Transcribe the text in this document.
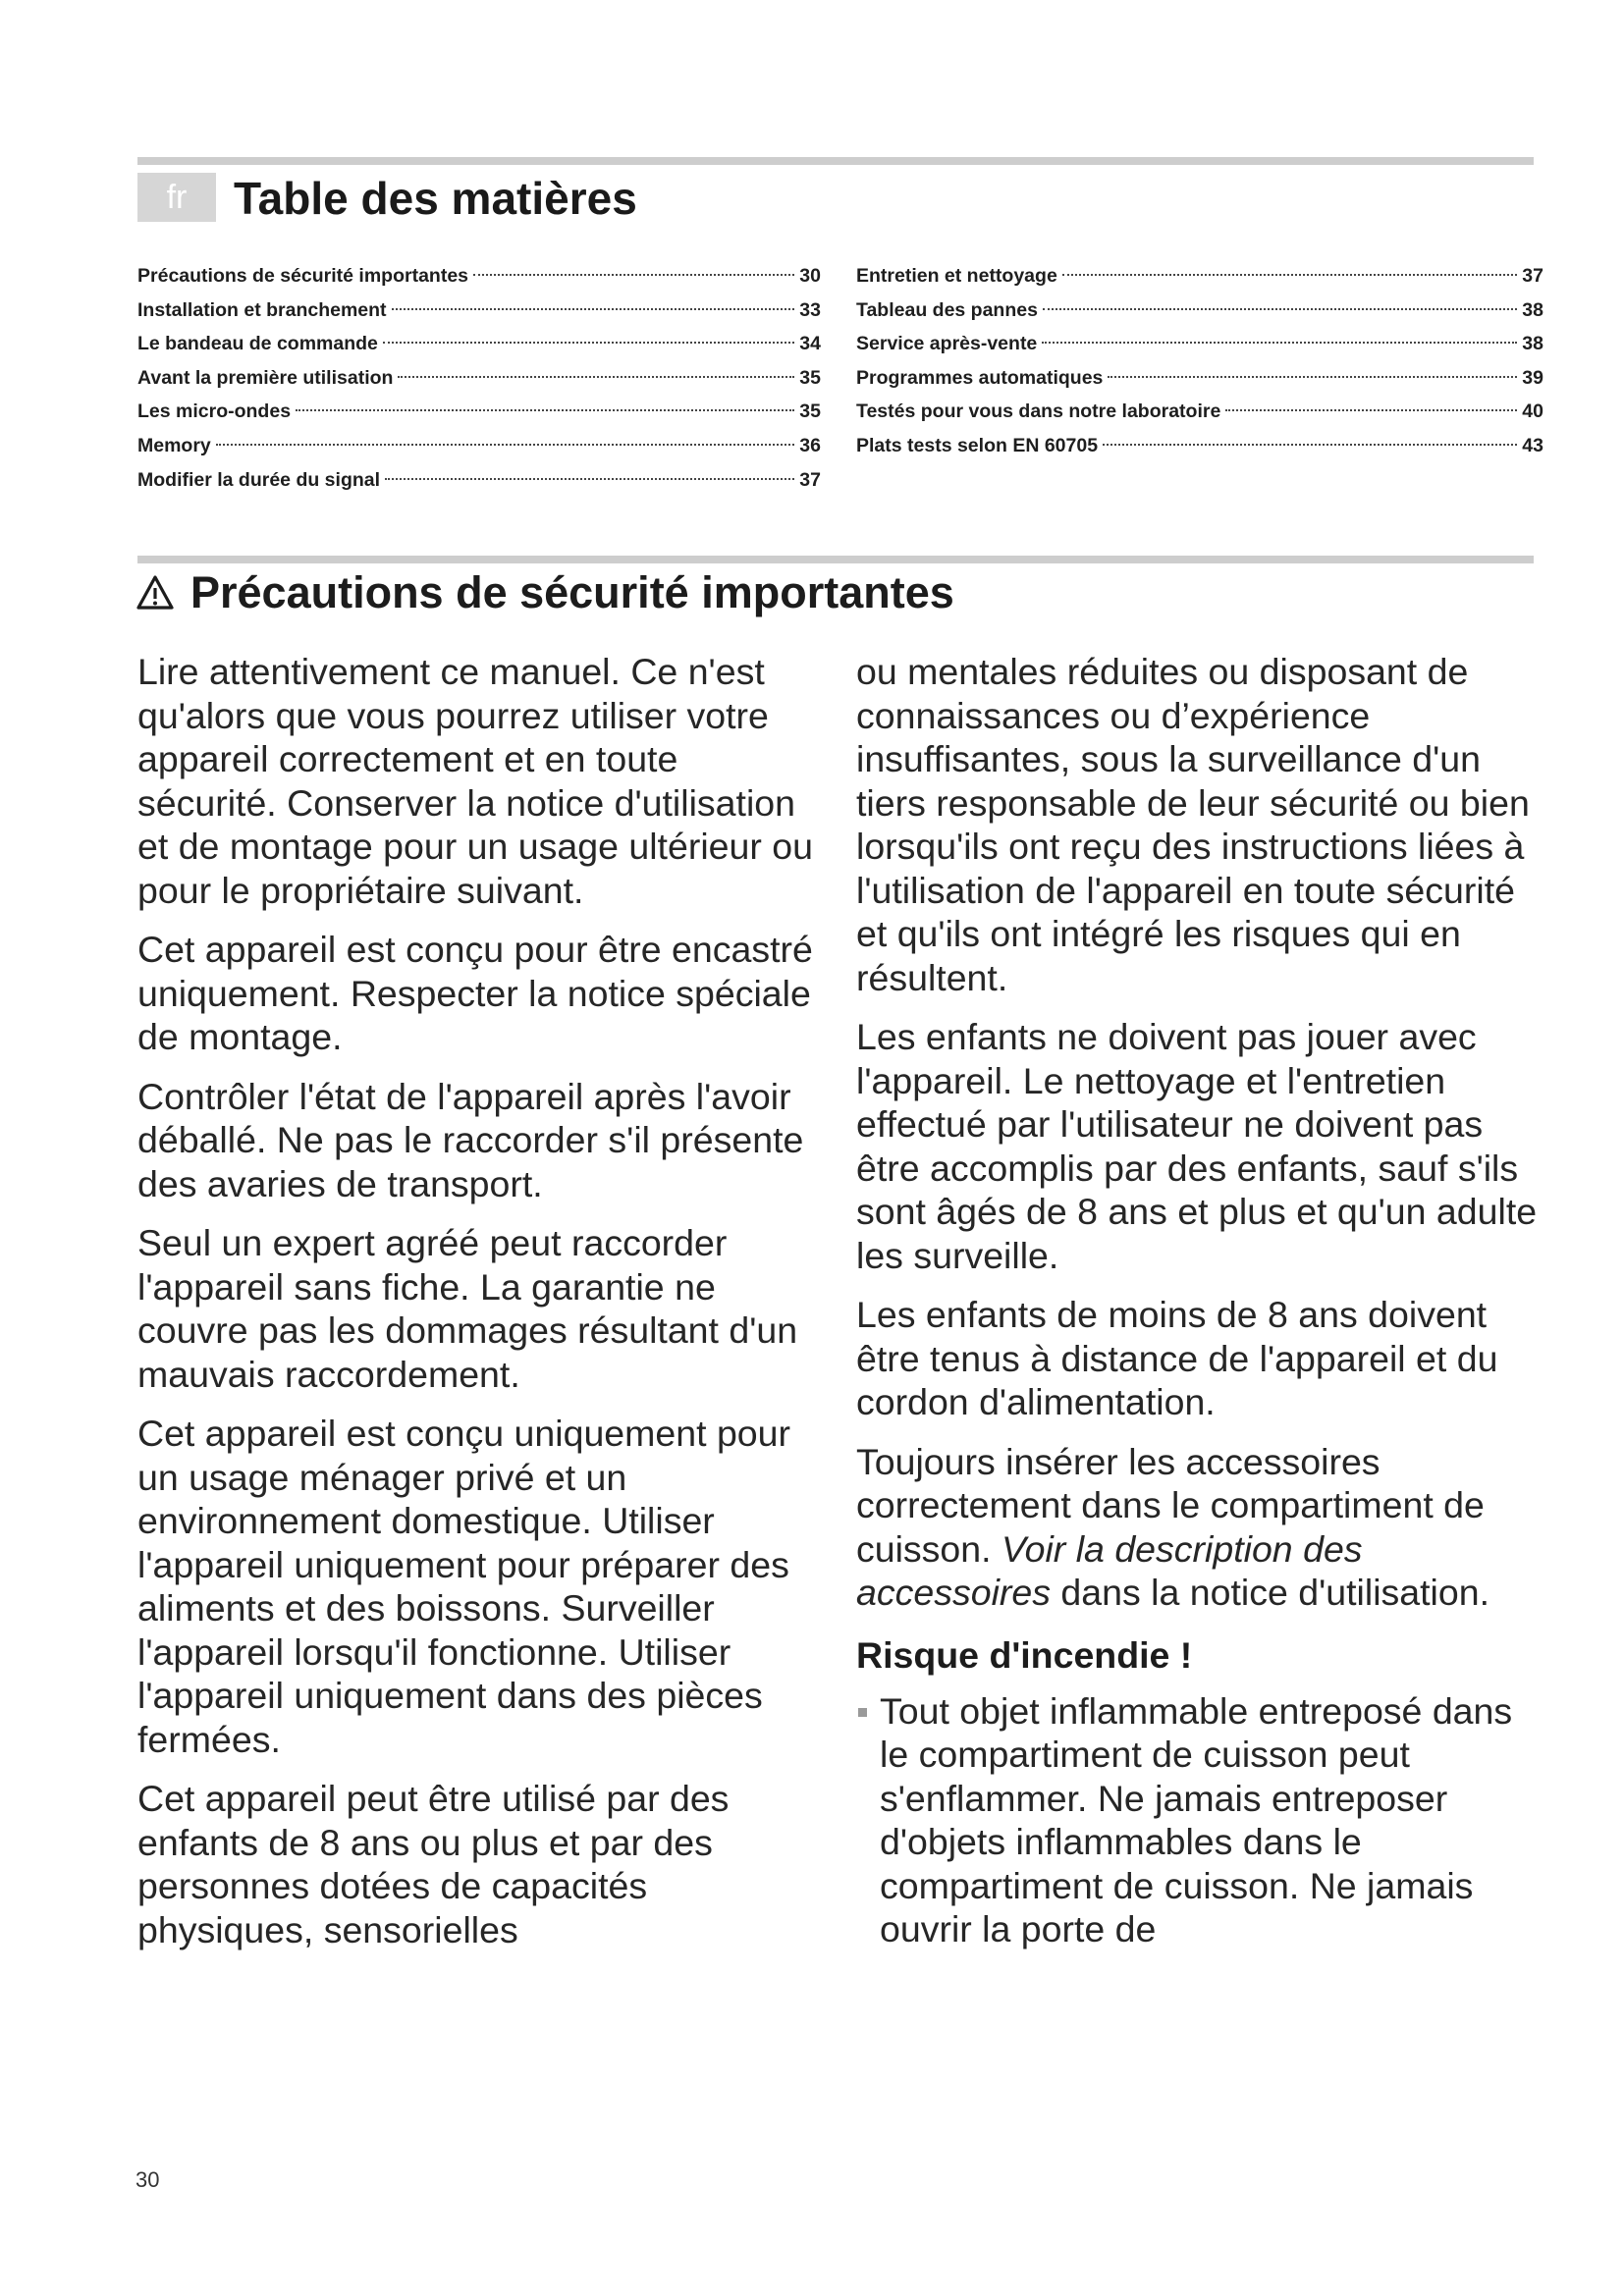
fr	Table des matières
Précautions de sécurité importantes	30
Installation et branchement	33
Le bandeau de commande	34
Avant la première utilisation	35
Les micro-ondes	35
Memory	36
Modifier la durée du signal	37
Entretien et nettoyage	37
Tableau des pannes	38
Service après-vente	38
Programmes automatiques	39
Testés pour vous dans notre laboratoire	40
Plats tests selon EN 60705	43
Précautions de sécurité importantes

Lire attentivement ce manuel. Ce n'est qu'alors que vous pourrez utiliser votre appareil correctement et en toute sécurité. Conserver la notice d'utilisation et de montage pour un usage ultérieur ou pour le propriétaire suivant.

Cet appareil est conçu pour être encastré uniquement. Respecter la notice spéciale de montage.

Contrôler l'état de l'appareil après l'avoir déballé. Ne pas le raccorder s'il présente des avaries de transport.

Seul un expert agréé peut raccorder l'appareil sans fiche. La garantie ne couvre pas les dommages résultant d'un mauvais raccordement.

Cet appareil est conçu uniquement pour un usage ménager privé et un environnement domestique. Utiliser l'appareil uniquement pour préparer des aliments et des boissons. Surveiller l'appareil lorsqu'il fonctionne. Utiliser l'appareil uniquement dans des pièces fermées.

Cet appareil peut être utilisé par des enfants de 8 ans ou plus et par des personnes dotées de capacités physiques, sensorielles

ou mentales réduites ou disposant de connaissances ou d’expérience insuffisantes, sous la surveillance d'un tiers responsable de leur sécurité ou bien lorsqu'ils ont reçu des instructions liées à l'utilisation de l'appareil en toute sécurité et qu'ils ont intégré les risques qui en résultent.

Les enfants ne doivent pas jouer avec l'appareil. Le nettoyage et l'entretien effectué par l'utilisateur ne doivent pas être accomplis par des enfants, sauf s'ils sont âgés de 8 ans et plus et qu'un adulte les surveille.

Les enfants de moins de 8 ans doivent être tenus à distance de l'appareil et du cordon d'alimentation.

Toujours insérer les accessoires correctement dans le compartiment de cuisson. Voir la description des accessoires dans la notice d'utilisation.

Risque d'incendie !
Tout objet inflammable entreposé dans le compartiment de cuisson peut s'enflammer. Ne jamais entreposer d'objets inflammables dans le compartiment de cuisson. Ne jamais ouvrir la porte de
30
